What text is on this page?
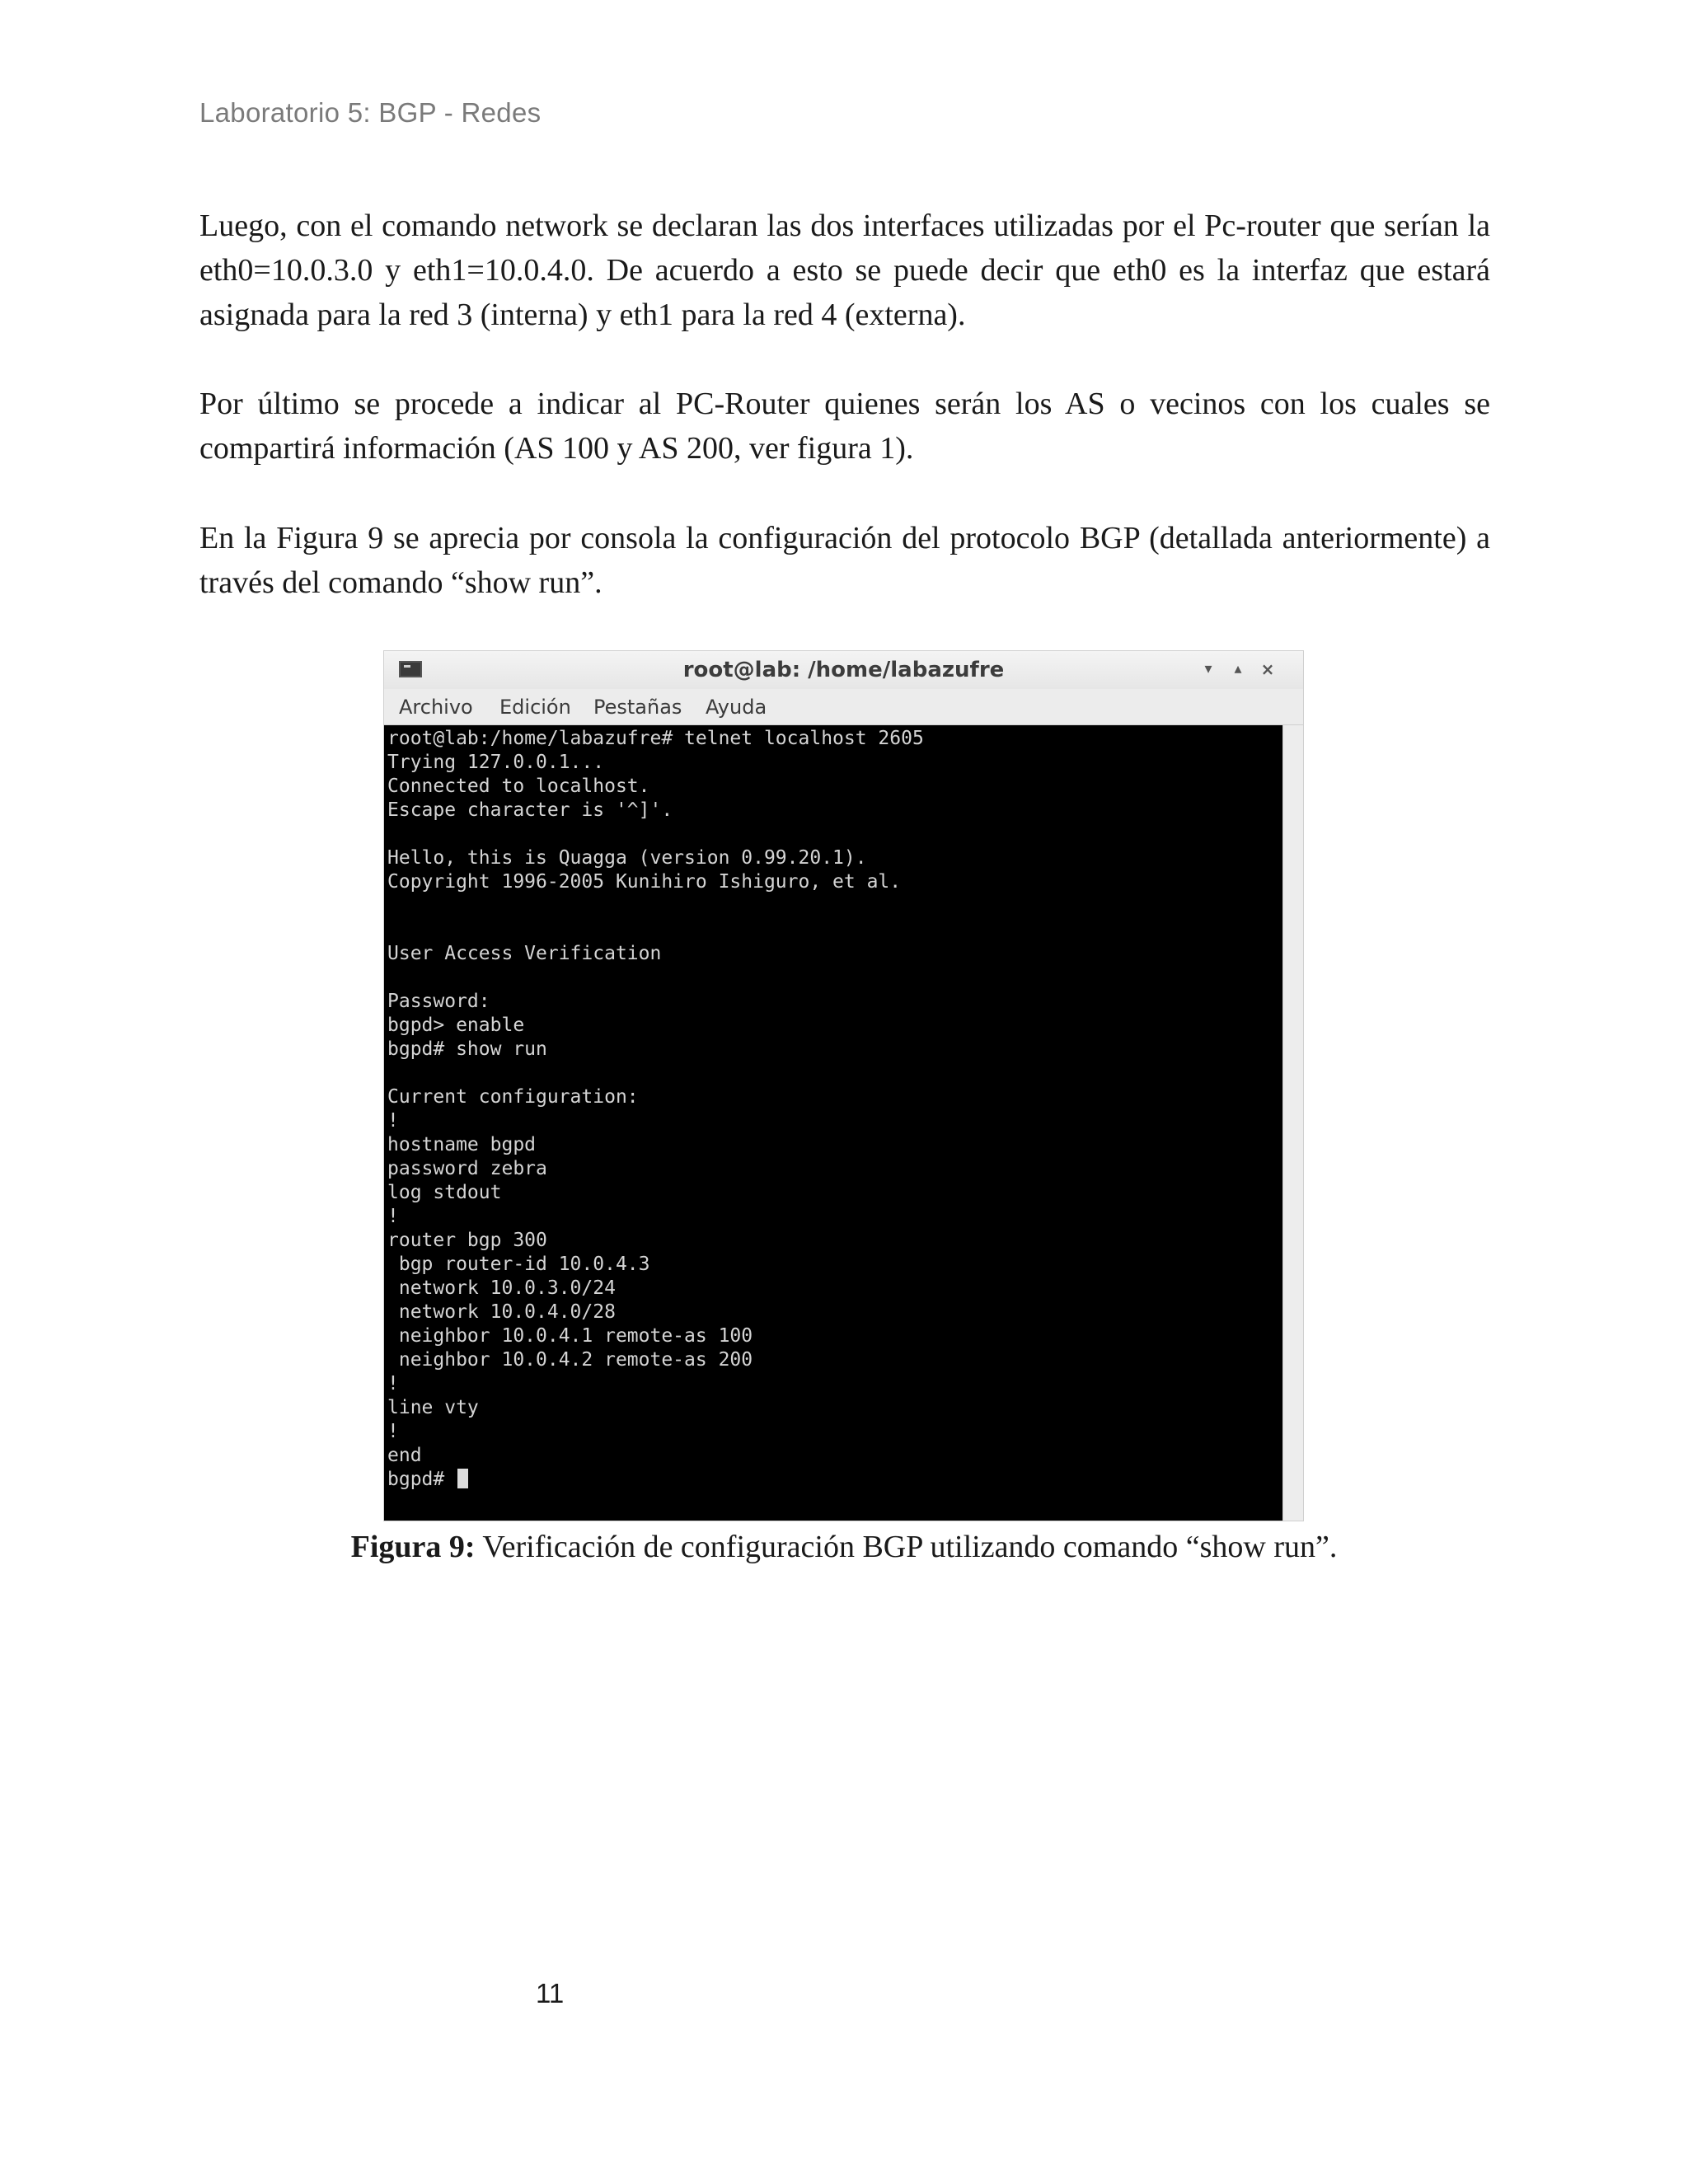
Laboratorio 5: BGP - Redes

Luego, con el comando network se declaran las dos interfaces utilizadas por el Pc-router que serían la eth0=10.0.3.0 y eth1=10.0.4.0. De acuerdo a esto se puede decir que eth0 es la interfaz que estará asignada para la red 3 (interna) y eth1 para la red 4 (externa).

Por último se procede a indicar al PC-Router quienes serán los AS o vecinos con los cuales se compartirá información (AS 100 y AS 200, ver figura 1).

En la Figura 9 se aprecia por consola la configuración del protocolo BGP (detallada anteriormente) a través del comando “show run”.

root@lab: /home/labazufre	▾	▴	×
Archivo Edición Pestañas Ayuda
root@lab:/home/labazufre# telnet localhost 2605
Trying 127.0.0.1...
Connected to localhost.
Escape character is '^]'.
Hello, this is Quagga (version 0.99.20.1).
Copyright 1996-2005 Kunihiro Ishiguro, et al.
User Access Verification
Password:
bgpd> enable
bgpd# show run
Current configuration:
!
hostname bgpd
password zebra
log stdout
!
router bgp 300
bgp router-id 10.0.4.3
network 10.0.3.0/24
network 10.0.4.0/28
neighbor 10.0.4.1 remote-as 100
neighbor 10.0.4.2 remote-as 200
!
line vty
!
end
bgpd#

Figura 9: Verificación de configuración BGP utilizando comando “show run”.

11
